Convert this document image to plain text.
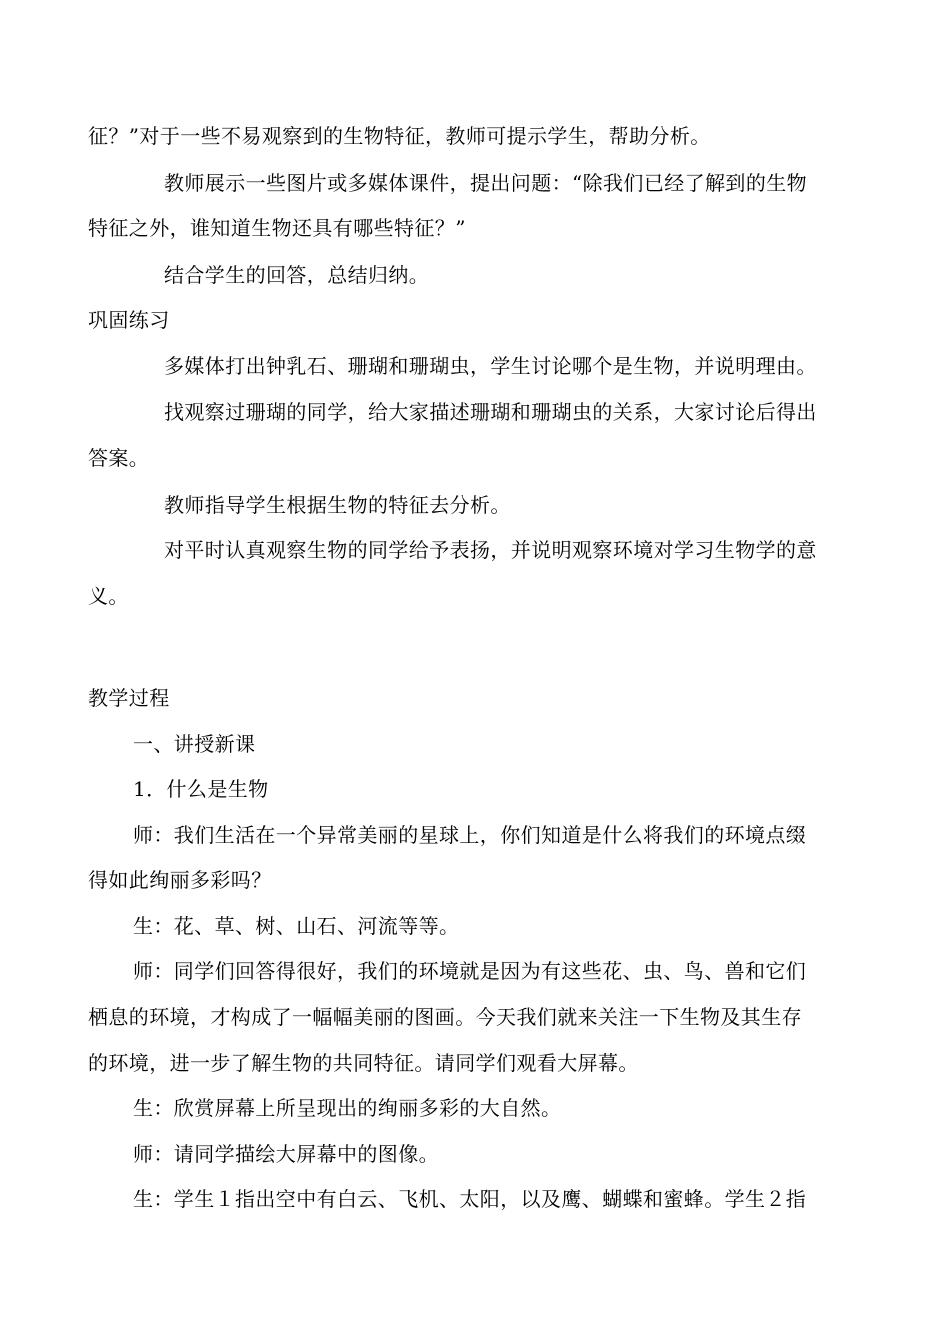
征？”对于一些不易观察到的生物特征，教师可提示学生，帮助分析。
教师展示一些图片或多媒体课件，提出问题：“除我们已经了解到的生物
特征之外，谁知道生物还具有哪些特征？”
结合学生的回答，总结归纳。
巩固练习
多媒体打出钟乳石、珊瑚和珊瑚虫，学生讨论哪个是生物，并说明理由。
找观察过珊瑚的同学，给大家描述珊瑚和珊瑚虫的关系，大家讨论后得出
答案。
教师指导学生根据生物的特征去分析。
对平时认真观察生物的同学给予表扬，并说明观察环境对学习生物学的意
义。
教学过程
一、讲授新课
1．什么是生物
师：我们生活在一个异常美丽的星球上，你们知道是什么将我们的环境点缀
得如此绚丽多彩吗？
生：花、草、树、山石、河流等等。
师：同学们回答得很好，我们的环境就是因为有这些花、虫、鸟、兽和它们
栖息的环境，才构成了一幅幅美丽的图画。今天我们就来关注一下生物及其生存
的环境，进一步了解生物的共同特征。请同学们观看大屏幕。
生：欣赏屏幕上所呈现出的绚丽多彩的大自然。
师：请同学描绘大屏幕中的图像。
生：学生１指出空中有白云、飞机、太阳，以及鹰、蝴蝶和蜜蜂。学生２指
